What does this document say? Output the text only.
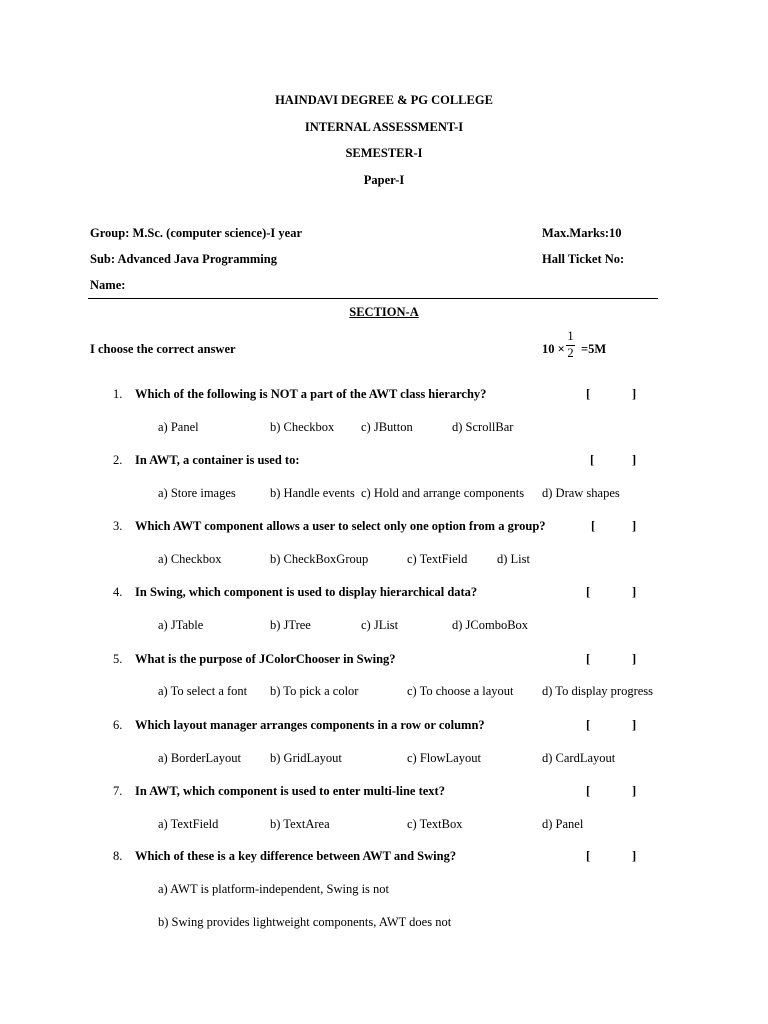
HAINDAVI DEGREE & PG COLLEGE
INTERNAL ASSESSMENT-I
SEMESTER-I
Paper-I
Group: M.Sc. (computer science)-I year	Max.Marks:10
Sub: Advanced Java Programming	Hall Ticket No:
Name:
SECTION-A
I choose the correct answer	10 ×
1
2 =5M
1. Which of the following is NOT a part of the AWT class hierarchy?	[	]
a) Panel	b) Checkbox c) JButton	d) ScrollBar
2. In AWT, a container is used to:	[	]
a) Store images	b) Handle events c) Hold and arrange components d) Draw shapes
3. Which AWT component allows a user to select only one option from a group?	[	]
a) Checkbox	b) CheckBoxGroup	c) TextField d) List
4. In Swing, which component is used to display hierarchical data?	[	]
a) JTable	b) JTree	c) JList	d) JComboBox
5. What is the purpose of JColorChooser in Swing?	[	]
a) To select a font b) To pick a color	c) To choose a layout d) To display progress
6. Which layout manager arranges components in a row or column?	[	]
a) BorderLayout b) GridLayout	c) FlowLayout	d) CardLayout
7. In AWT, which component is used to enter multi-line text?	[	]
a) TextField	b) TextArea	c) TextBox	d) Panel
8. Which of these is a key difference between AWT and Swing?	[	]
a) AWT is platform-independent, Swing is not
b) Swing provides lightweight components, AWT does not
